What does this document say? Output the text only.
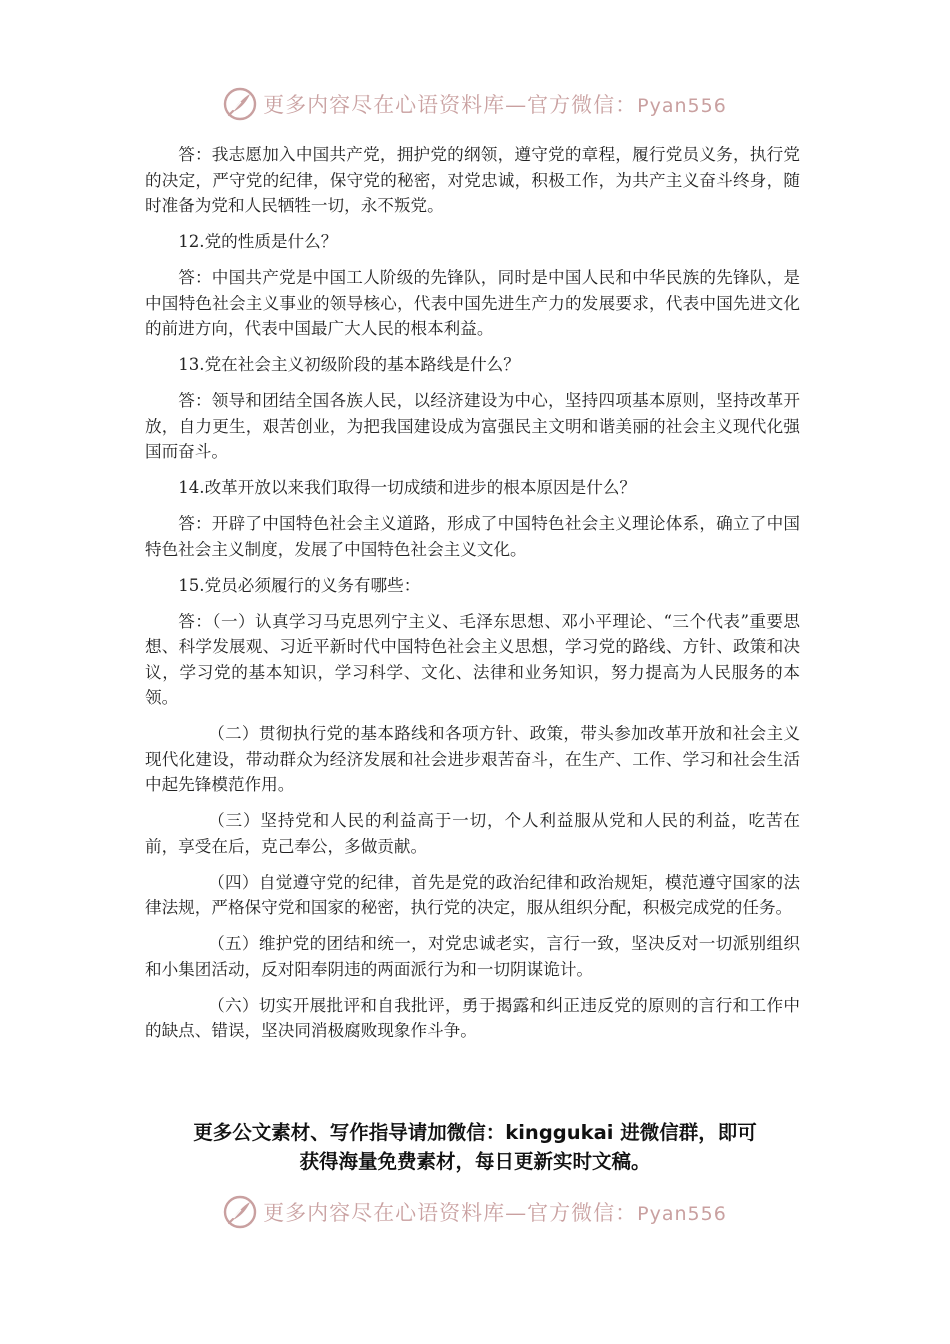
更多内容尽在心语资料库—官方微信：Pyan556

答：我志愿加入中国共产党，拥护党的纲领，遵守党的章程，履行党员义务，执行党的决定，严守党的纪律，保守党的秘密，对党忠诚，积极工作，为共产主义奋斗终身，随时准备为党和人民牺牲一切，永不叛党。

12.党的性质是什么？

答：中国共产党是中国工人阶级的先锋队，同时是中国人民和中华民族的先锋队，是中国特色社会主义事业的领导核心，代表中国先进生产力的发展要求，代表中国先进文化的前进方向，代表中国最广大人民的根本利益。

13.党在社会主义初级阶段的基本路线是什么？

答：领导和团结全国各族人民，以经济建设为中心，坚持四项基本原则，坚持改革开放，自力更生，艰苦创业，为把我国建设成为富强民主文明和谐美丽的社会主义现代化强国而奋斗。

14.改革开放以来我们取得一切成绩和进步的根本原因是什么？

答：开辟了中国特色社会主义道路，形成了中国特色社会主义理论体系，确立了中国特色社会主义制度，发展了中国特色社会主义文化。

15.党员必须履行的义务有哪些：

答：（一）认真学习马克思列宁主义、毛泽东思想、邓小平理论、“三个代表”重要思想、科学发展观、习近平新时代中国特色社会主义思想，学习党的路线、方针、政策和决议，学习党的基本知识，学习科学、文化、法律和业务知识，努力提高为人民服务的本领。

（二）贯彻执行党的基本路线和各项方针、政策，带头参加改革开放和社会主义现代化建设，带动群众为经济发展和社会进步艰苦奋斗，在生产、工作、学习和社会生活中起先锋模范作用。

（三）坚持党和人民的利益高于一切，个人利益服从党和人民的利益，吃苦在前，享受在后，克己奉公，多做贡献。

（四）自觉遵守党的纪律，首先是党的政治纪律和政治规矩，模范遵守国家的法律法规，严格保守党和国家的秘密，执行党的决定，服从组织分配，积极完成党的任务。

（五）维护党的团结和统一，对党忠诚老实，言行一致，坚决反对一切派别组织和小集团活动，反对阳奉阴违的两面派行为和一切阴谋诡计。

（六）切实开展批评和自我批评，勇于揭露和纠正违反党的原则的言行和工作中的缺点、错误，坚决同消极腐败现象作斗争。

更多公文素材、写作指导请加微信：kinggukai 进微信群，即可
获得海量免费素材，每日更新实时文稿。
更多内容尽在心语资料库—官方微信：Pyan556
